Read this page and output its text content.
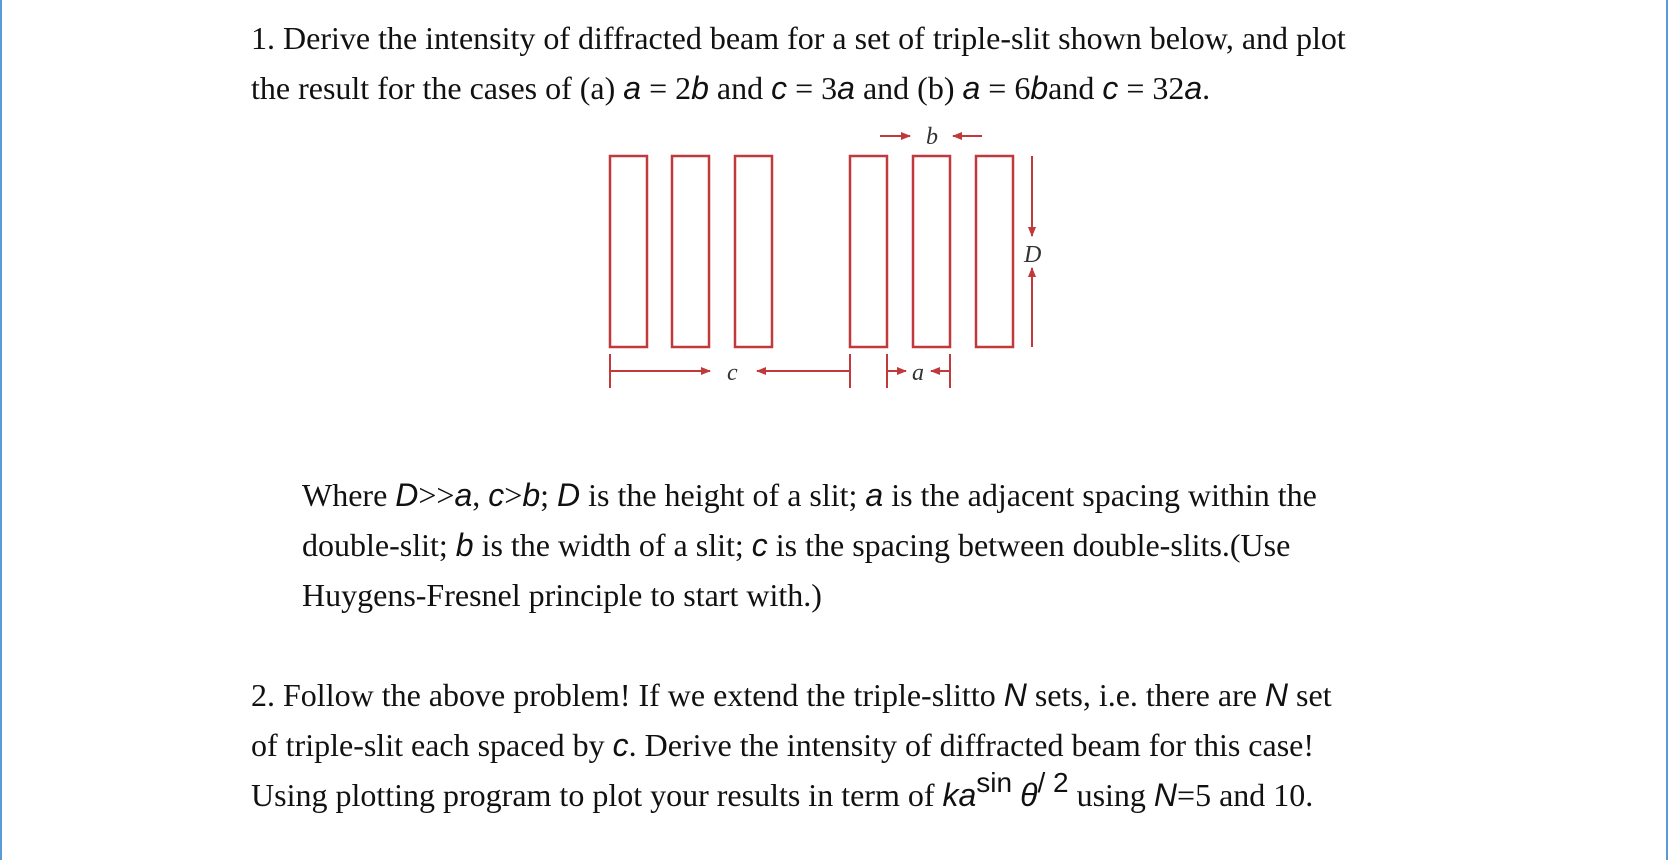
1. Derive the intensity of diffracted beam for a set of triple-slit shown below, and plot
the result for the cases of (a) a = 2b and c = 3a and (b) a = 6band c = 32a.
b
D
c	a
Where D>>a, c>b; D is the height of a slit; a is the adjacent spacing within the
double-slit; b is the width of a slit; c is the spacing between double-slits.(Use
Huygens-Fresnel principle to start with.)
2. Follow the above problem! If we extend the triple-slitto N sets, i.e. there are N set
of triple-slit each spaced by c. Derive the intensity of diffracted beam for this case!
Using plotting program to plot your results in term of kasin θ/ 2 using N=5 and 10.
